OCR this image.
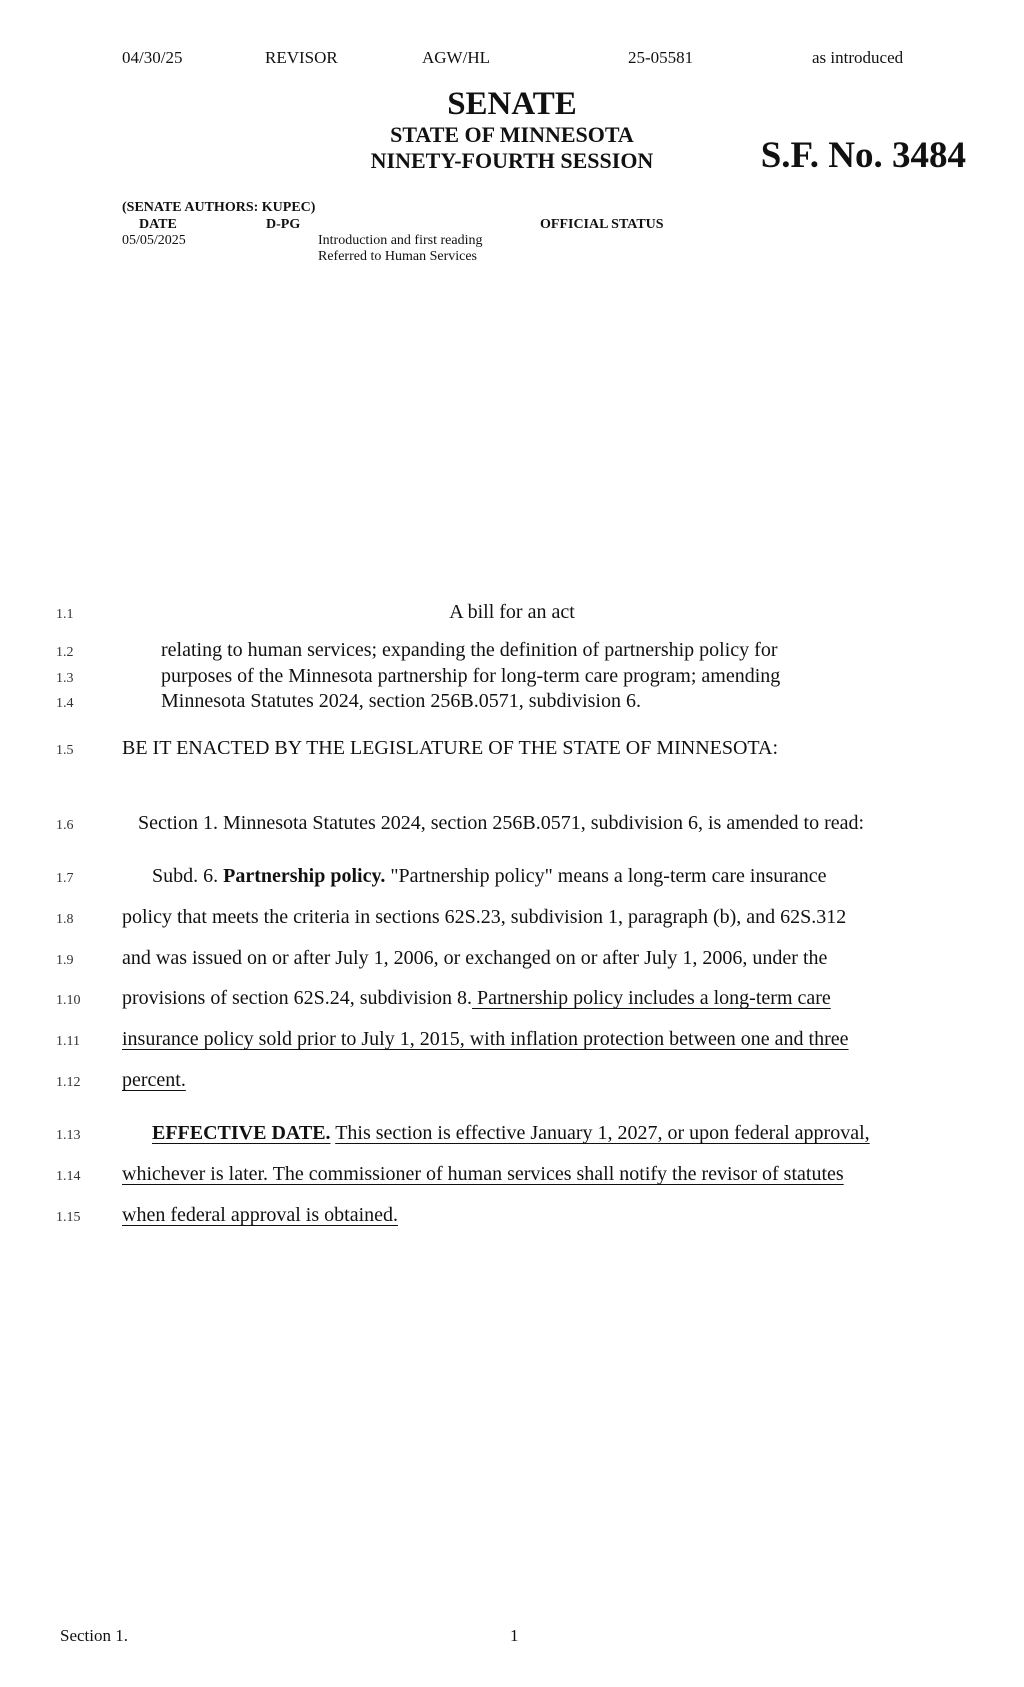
04/30/25	REVISOR	AGW/HL	25-05581	as introduced
SENATE
STATE OF MINNESOTA
NINETY-FOURTH SESSION	S.F. No. 3484
(SENATE AUTHORS: KUPEC)
DATE	D-PG	OFFICIAL STATUS
05/05/2025	Introduction and first reading
Referred to Human Services
1.1
1.2
1.3
1.4
1.5
1.6
1.7
1.8
1.9
1.10
1.11
1.12
1.13
1.14
1.15
A bill for an act
relating to human services; expanding the definition of partnership policy for
purposes of the Minnesota partnership for long-term care program; amending
Minnesota Statutes 2024, section 256B.0571, subdivision 6.
BE IT ENACTED BY THE LEGISLATURE OF THE STATE OF MINNESOTA:
Section 1. Minnesota Statutes 2024, section 256B.0571, subdivision 6, is amended to read:
Subd. 6. Partnership policy. "Partnership policy" means a long-term care insurance
policy that meets the criteria in sections 62S.23, subdivision 1, paragraph (b), and 62S.312
and was issued on or after July 1, 2006, or exchanged on or after July 1, 2006, under the
provisions of section 62S.24, subdivision 8. Partnership policy includes a long-term care
insurance policy sold prior to July 1, 2015, with inflation protection between one and three
percent.
EFFECTIVE DATE. This section is effective January 1, 2027, or upon federal approval,
whichever is later. The commissioner of human services shall notify the revisor of statutes
when federal approval is obtained.
Section 1.	1
